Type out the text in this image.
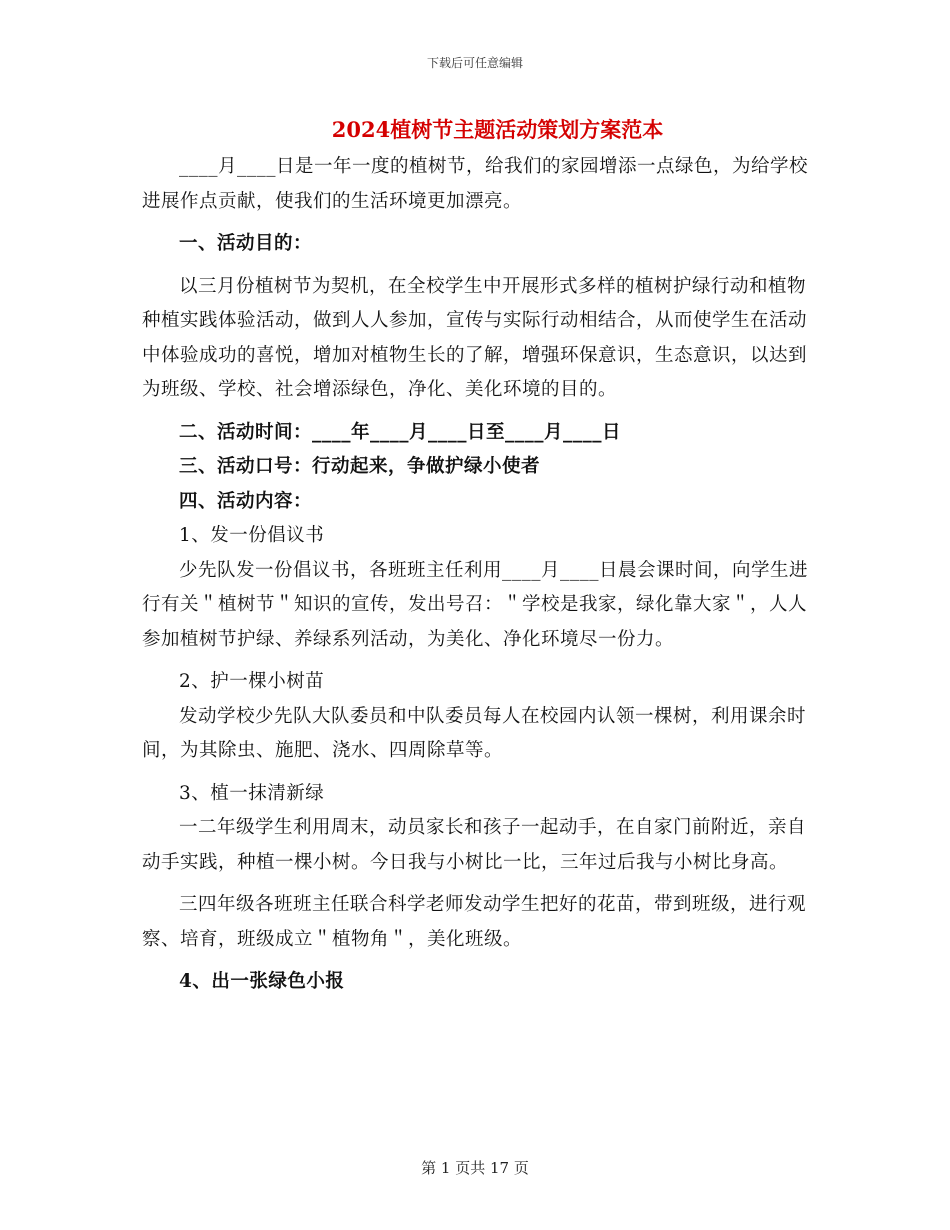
下载后可任意编辑
2024植树节主题活动策划方案范本

____月____日是一年一度的植树节，给我们的家园增添一点绿色，为给学校进展作点贡献，使我们的生活环境更加漂亮。

一、活动目的：

以三月份植树节为契机，在全校学生中开展形式多样的植树护绿行动和植物种植实践体验活动，做到人人参加，宣传与实际行动相结合，从而使学生在活动中体验成功的喜悦，增加对植物生长的了解，增强环保意识，生态意识，以达到为班级、学校、社会增添绿色，净化、美化环境的目的。

二、活动时间：____年____月____日至____月____日

三、活动口号：行动起来，争做护绿小使者

四、活动内容：

1、发一份倡议书

少先队发一份倡议书，各班班主任利用____月____日晨会课时间，向学生进行有关＂植树节＂知识的宣传，发出号召：＂学校是我家，绿化靠大家＂，人人参加植树节护绿、养绿系列活动，为美化、净化环境尽一份力。

2、护一棵小树苗

发动学校少先队大队委员和中队委员每人在校园内认领一棵树，利用课余时间，为其除虫、施肥、浇水、四周除草等。

3、植一抹清新绿

一二年级学生利用周末，动员家长和孩子一起动手，在自家门前附近，亲自动手实践，种植一棵小树。今日我与小树比一比，三年过后我与小树比身高。

三四年级各班班主任联合科学老师发动学生把好的花苗，带到班级，进行观察、培育，班级成立＂植物角＂，美化班级。

4、出一张绿色小报

第 1 页共 17 页
